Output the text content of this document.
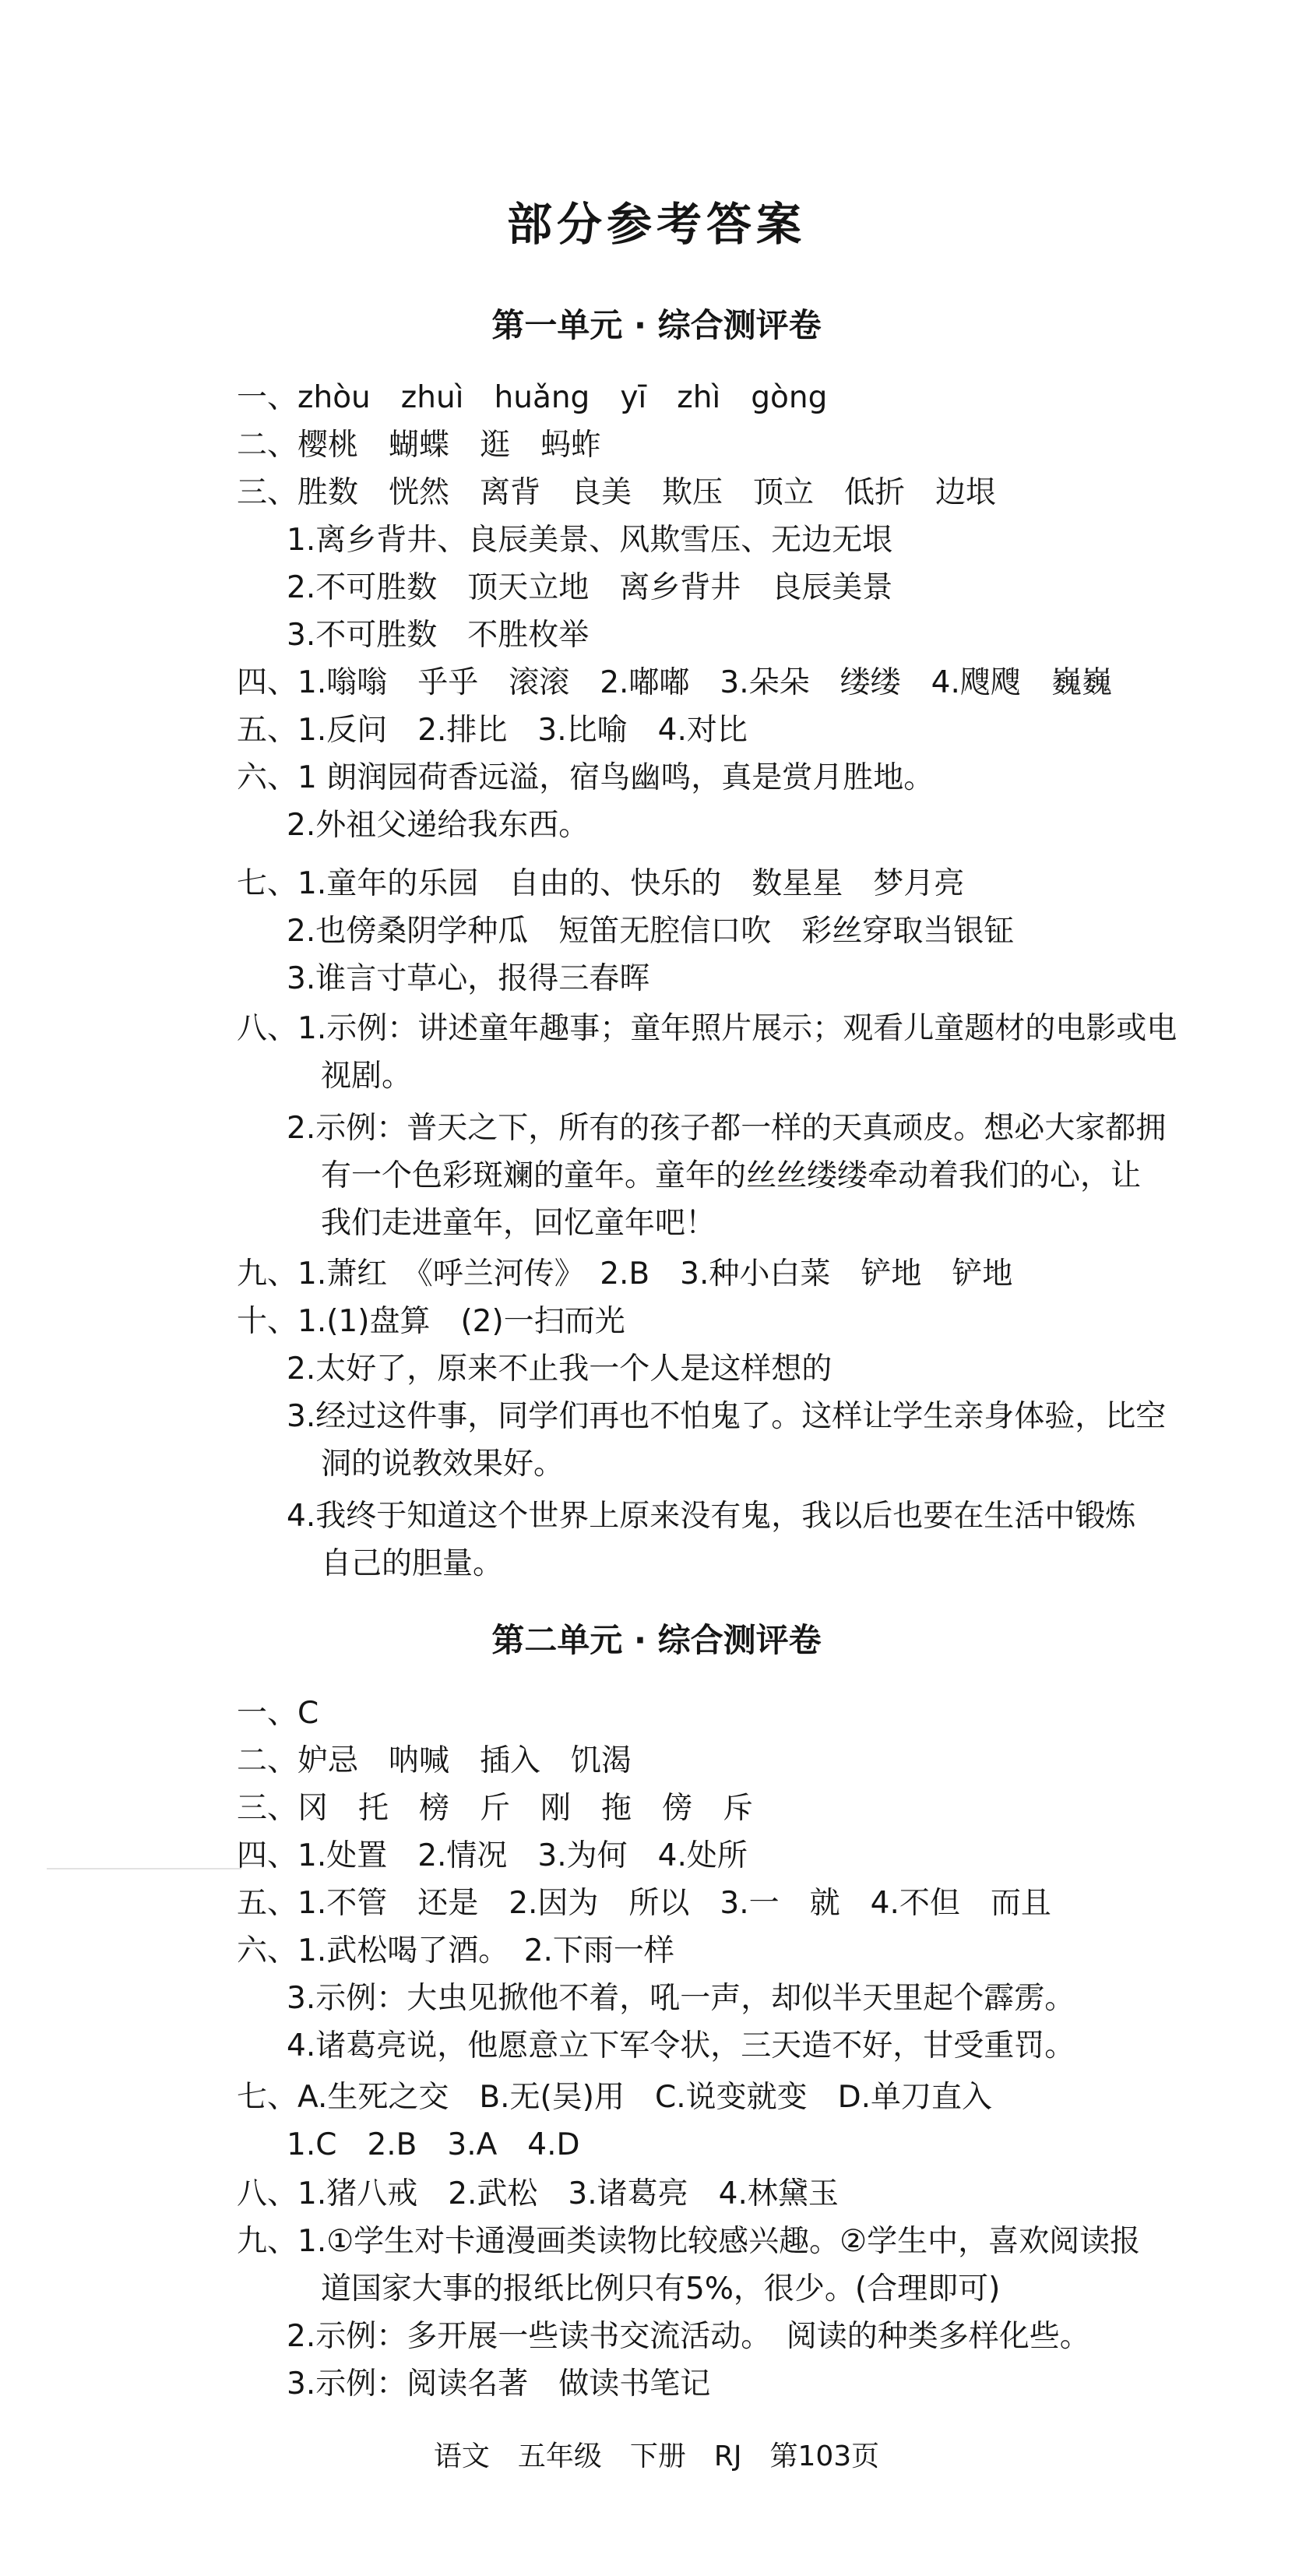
部分参考答案
第一单元 · 综合测评卷

一、zhòu　zhuì　huǎng　yī　zhì　gòng

二、樱桃　蝴蝶　逛　蚂蚱

三、胜数　恍然　离背　良美　欺压　顶立　低折　边垠

1.离乡背井、良辰美景、风欺雪压、无边无垠

2.不可胜数　顶天立地　离乡背井　良辰美景

3.不可胜数　不胜枚举

四、1.嗡嗡　乎乎　滚滚　2.嘟嘟　3.朵朵　缕缕　4.飕飕　巍巍

五、1.反问　2.排比　3.比喻　4.对比

六、1 朗润园荷香远溢，宿鸟幽鸣，真是赏月胜地。

2.外祖父递给我东西。

七、1.童年的乐园　自由的、快乐的　数星星　梦月亮

2.也傍桑阴学种瓜　短笛无腔信口吹　彩丝穿取当银钲

3.谁言寸草心，报得三春晖

八、1.示例：讲述童年趣事；童年照片展示；观看儿童题材的电影或电

视剧。

2.示例：普天之下，所有的孩子都一样的天真顽皮。想必大家都拥

有一个色彩斑斓的童年。童年的丝丝缕缕牵动着我们的心，让

我们走进童年，回忆童年吧！

九、1.萧红　《呼兰河传》　2.B　3.种小白菜　铲地　铲地

十、1.(1)盘算　(2)一扫而光

2.太好了，原来不止我一个人是这样想的

3.经过这件事，同学们再也不怕鬼了。这样让学生亲身体验，比空

洞的说教效果好。

4.我终于知道这个世界上原来没有鬼，我以后也要在生活中锻炼

自己的胆量。

第二单元 · 综合测评卷

一、C

二、妒忌　呐喊　插入　饥渴

三、冈　托　榜　斤　刚　拖　傍　斥

四、1.处置　2.情况　3.为何　4.处所

五、1.不管　还是　2.因为　所以　3.一　就　4.不但　而且

六、1.武松喝了酒。　2.下雨一样

3.示例：大虫见掀他不着，吼一声，却似半天里起个霹雳。

4.诸葛亮说，他愿意立下军令状，三天造不好，甘受重罚。

七、A.生死之交　B.无(吴)用　C.说变就变　D.单刀直入

1.C　2.B　3.A　4.D

八、1.猪八戒　2.武松　3.诸葛亮　4.林黛玉

九、1.①学生对卡通漫画类读物比较感兴趣。②学生中，喜欢阅读报

道国家大事的报纸比例只有5%，很少。(合理即可)

2.示例：多开展一些读书交流活动。　阅读的种类多样化些。

3.示例：阅读名著　做读书笔记

语文　五年级　下册　RJ　第103页
